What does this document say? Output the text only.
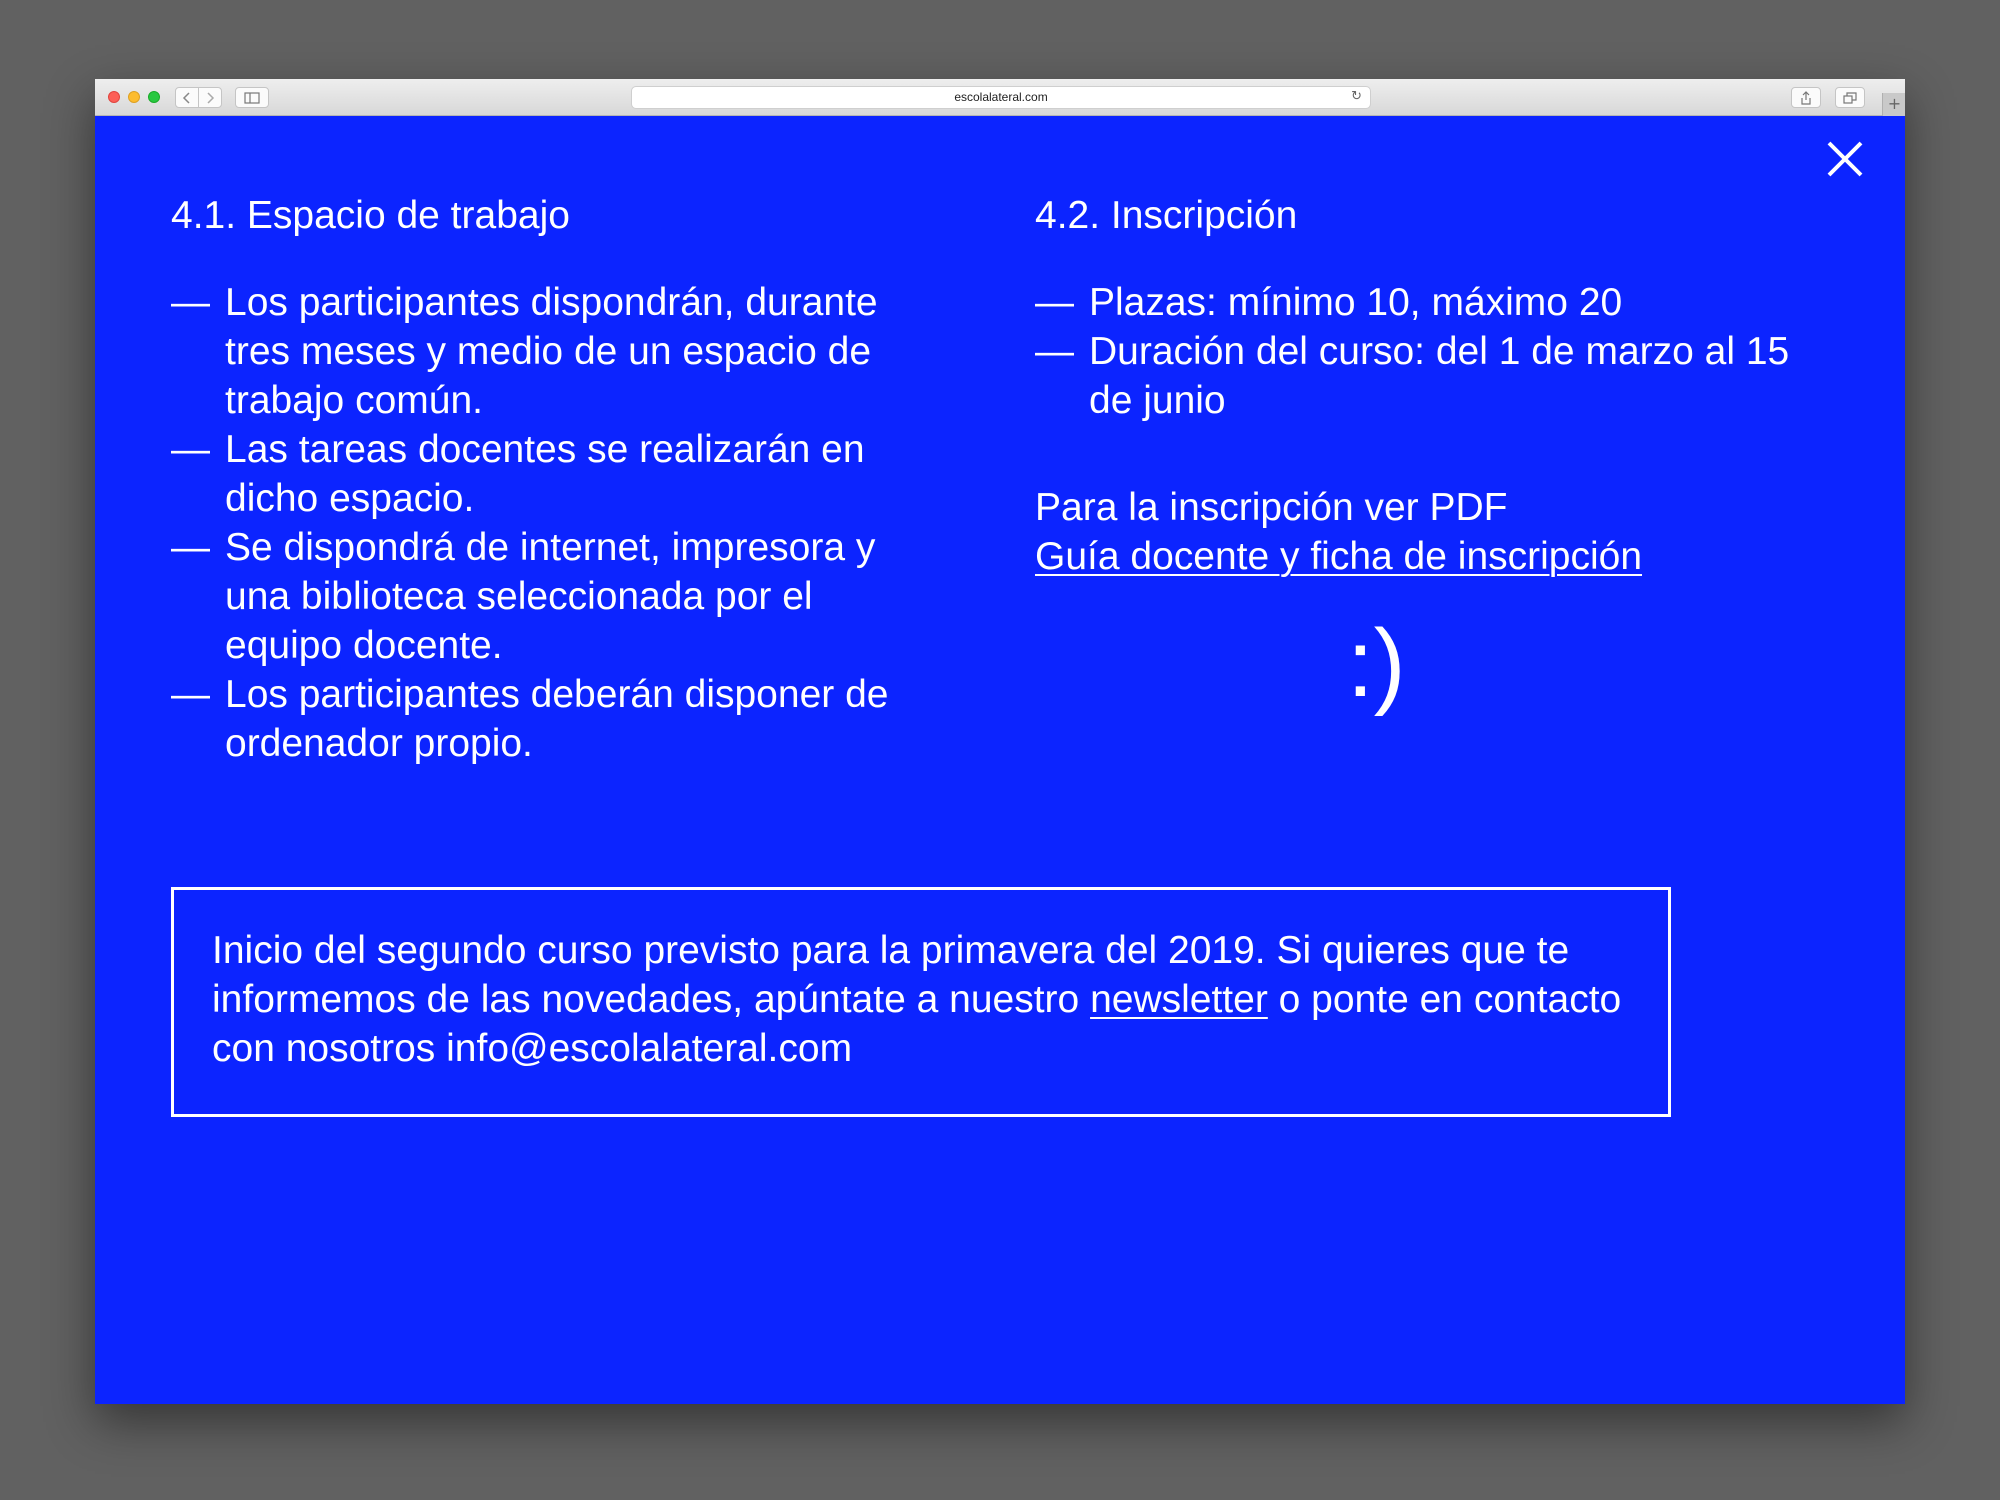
escolalateral.com	↻	+
4.1. Espacio de trabajo
— Los participantes dispondrán, durante tres meses y medio de un espacio de trabajo común.
— Las tareas docentes se realizarán en dicho espacio.
— Se dispondrá de internet, impresora y una biblioteca seleccionada por el equipo docente.
— Los participantes deberán disponer de ordenador propio.
4.2. Inscripción
— Plazas: mínimo 10, máximo 20
— Duración del curso: del 1 de marzo al 15 de junio
Para la inscripción ver PDF
Guía docente y ficha de inscripción
:)
Inicio del segundo curso previsto para la primavera del 2019. Si quieres que te informemos de las novedades, apúntate a nuestro newsletter o ponte en contacto con nosotros info@escolalateral.com
